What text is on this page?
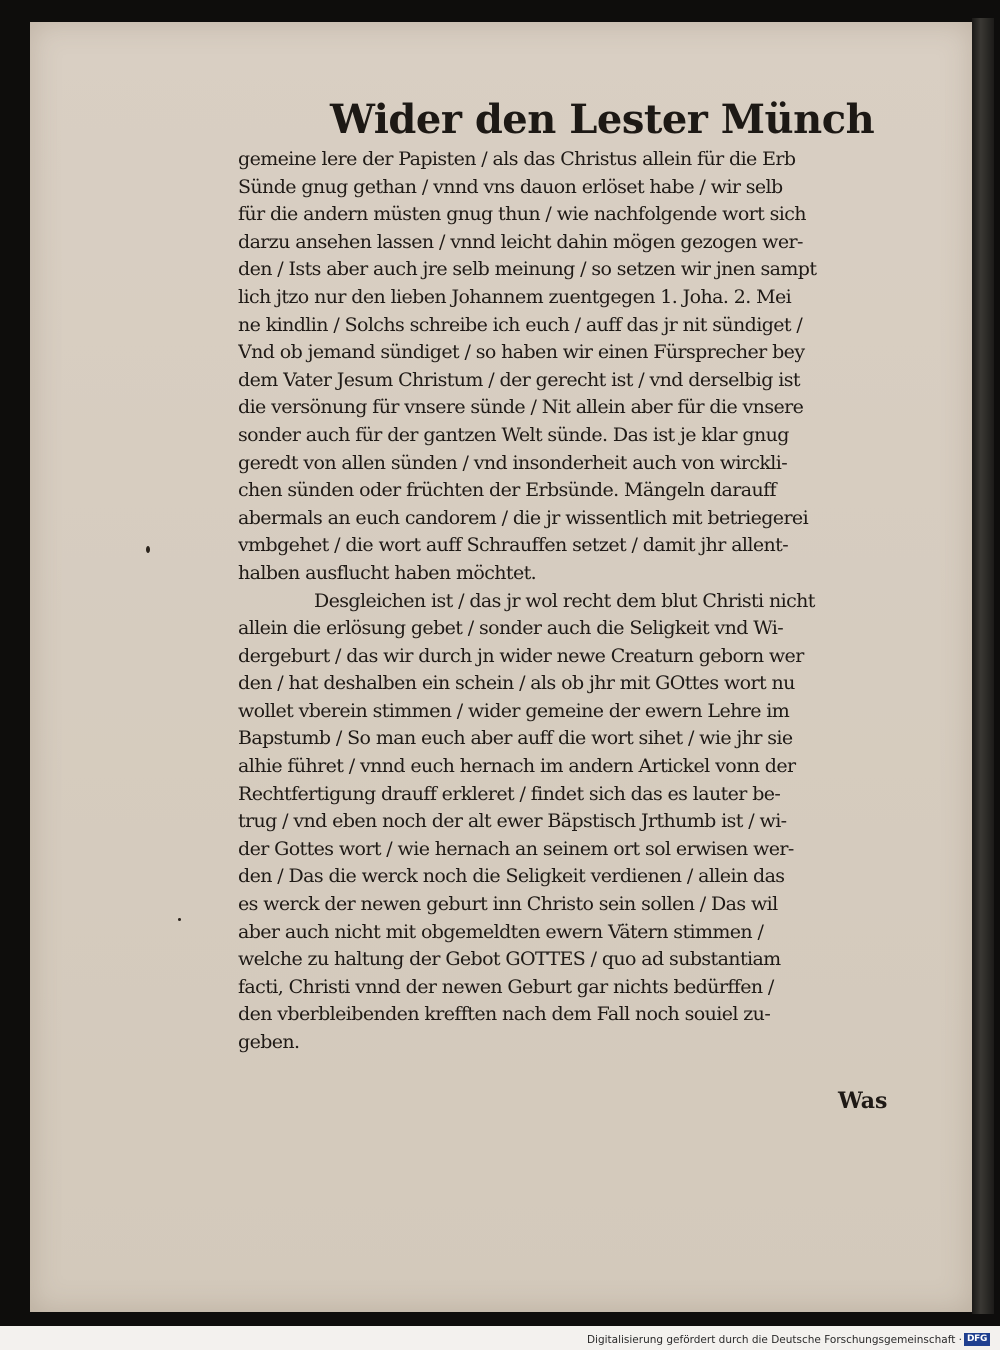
Wider den Lester Münch
gemeine lere der Papisten / als das Christus allein für die Erb
Sünde gnug gethan / vnnd vns dauon erlöset habe / wir selb
für die andern müsten gnug thun / wie nachfolgende wort sich
darzu ansehen lassen / vnnd leicht dahin mögen gezogen wer-
den / Ists aber auch jre selb meinung / so setzen wir jnen sampt
lich jtzo nur den lieben Johannem zuentgegen 1. Joha. 2. Mei
ne kindlin / Solchs schreibe ich euch / auff das jr nit sündiget /
Vnd ob jemand sündiget / so haben wir einen Fürsprecher bey
dem Vater Jesum Christum / der gerecht ist / vnd derselbig ist
die versönung für vnsere sünde / Nit allein aber für die vnsere
sonder auch für der gantzen Welt sünde. Das ist je klar gnug
geredt von allen sünden / vnd insonderheit auch von wirckli-
chen sünden oder früchten der Erbsünde. Mängeln darauff
abermals an euch candorem / die jr wissentlich mit betriegerei
vmbgehet / die wort auff Schrauffen setzet / damit jhr allent-
halben ausflucht haben möchtet.
Desgleichen ist / das jr wol recht dem blut Christi nicht
allein die erlösung gebet / sonder auch die Seligkeit vnd Wi-
dergeburt / das wir durch jn wider newe Creaturn geborn wer
den / hat deshalben ein schein / als ob jhr mit GOttes wort nu
wollet vberein stimmen / wider gemeine der ewern Lehre im
Bapstumb / So man euch aber auff die wort sihet / wie jhr sie
alhie führet / vnnd euch hernach im andern Artickel vonn der
Rechtfertigung drauff erkleret / findet sich das es lauter be-
trug / vnd eben noch der alt ewer Bäpstisch Jrthumb ist / wi-
der Gottes wort / wie hernach an seinem ort sol erwisen wer-
den / Das die werck noch die Seligkeit verdienen / allein das
es werck der newen geburt inn Christo sein sollen / Das wil
aber auch nicht mit obgemeldten ewern Vätern stimmen /
welche zu haltung der Gebot GOTTES / quo ad substantiam
facti, Christi vnnd der newen Geburt gar nichts bedürffen /
den vberbleibenden krefften nach dem Fall noch souiel zu-
geben.
Was
Digitalisierung gefördert durch die Deutsche Forschungsgemeinschaft · DFG
